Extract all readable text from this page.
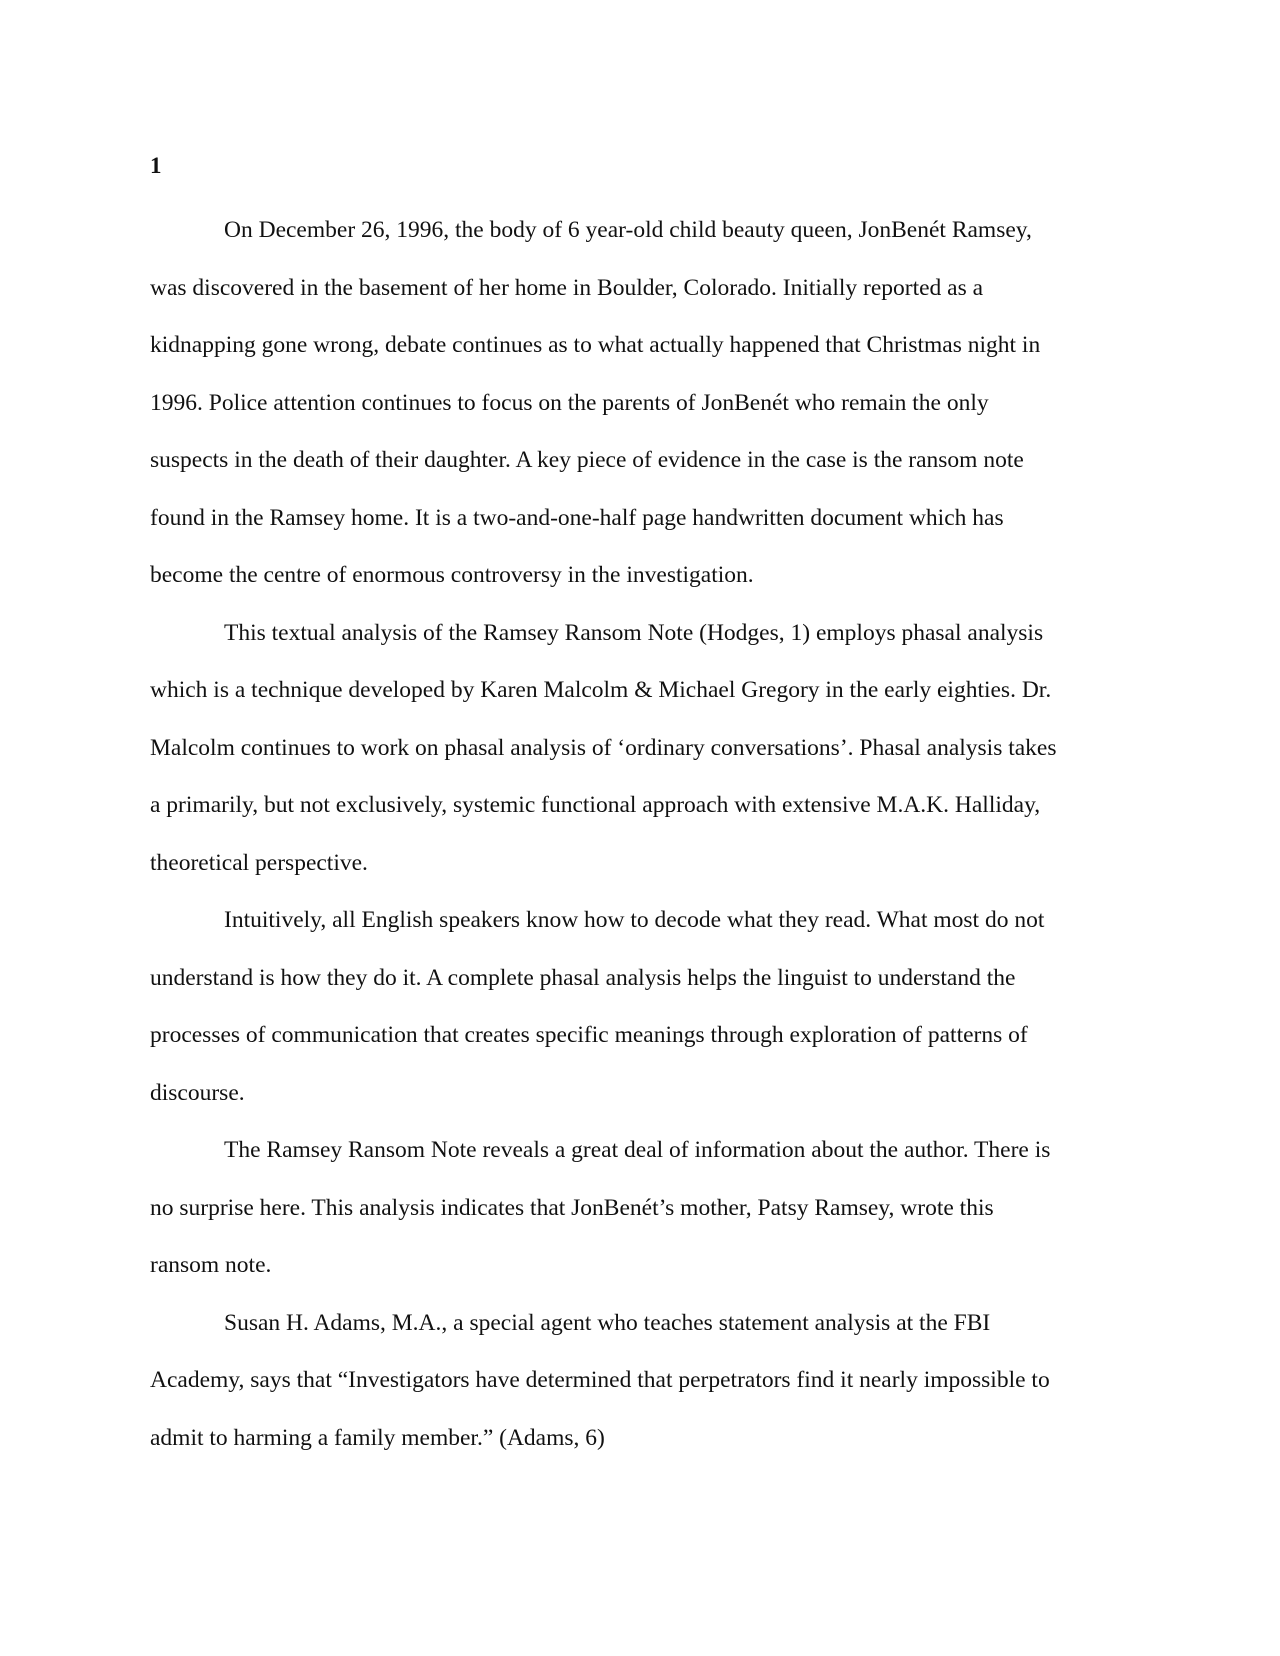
1
On December 26, 1996, the body of 6 year-old child beauty queen, JonBenét Ramsey,
was discovered in the basement of her home in Boulder, Colorado. Initially reported as a
kidnapping gone wrong, debate continues as to what actually happened that Christmas night in
1996. Police attention continues to focus on the parents of JonBenét who remain the only
suspects in the death of their daughter. A key piece of evidence in the case is the ransom note
found in the Ramsey home. It is a two-and-one-half page handwritten document which has
become the centre of enormous controversy in the investigation.
This textual analysis of the Ramsey Ransom Note (Hodges, 1) employs phasal analysis
which is a technique developed by Karen Malcolm & Michael Gregory in the early eighties. Dr.
Malcolm continues to work on phasal analysis of ‘ordinary conversations’. Phasal analysis takes
a primarily, but not exclusively, systemic functional approach with extensive M.A.K. Halliday,
theoretical perspective.
Intuitively, all English speakers know how to decode what they read. What most do not
understand is how they do it. A complete phasal analysis helps the linguist to understand the
processes of communication that creates specific meanings through exploration of patterns of
discourse.
The Ramsey Ransom Note reveals a great deal of information about the author. There is
no surprise here. This analysis indicates that JonBenét’s mother, Patsy Ramsey, wrote this
ransom note.
Susan H. Adams, M.A., a special agent who teaches statement analysis at the FBI
Academy, says that “Investigators have determined that perpetrators find it nearly impossible to
admit to harming a family member.” (Adams, 6)
